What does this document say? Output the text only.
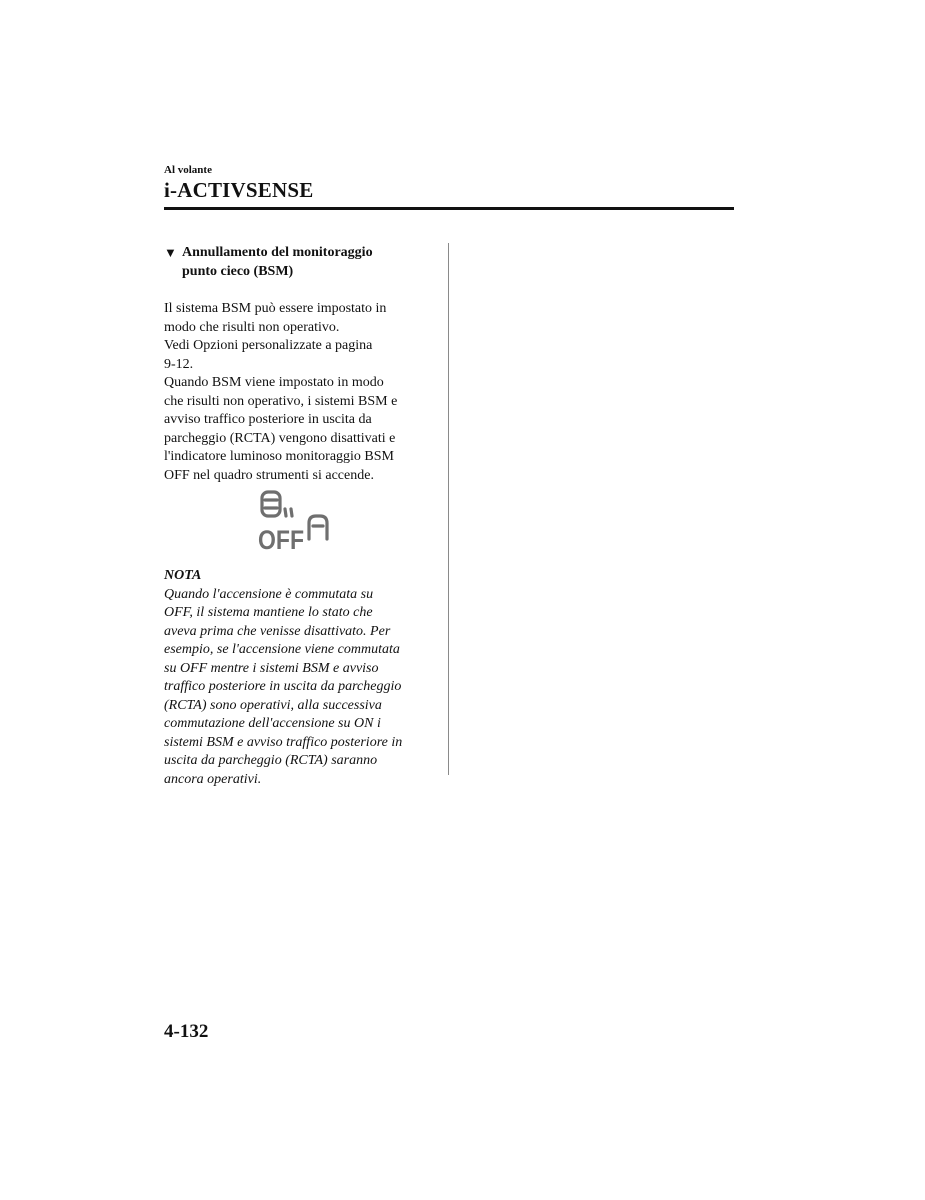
Al volante
i-ACTIVSENSE
▼ Annullamento del monitoraggio
punto cieco (BSM)
Il sistema BSM può essere impostato in
modo che risulti non operativo.
Vedi Opzioni personalizzate a pagina
9-12.
Quando BSM viene impostato in modo
che risulti non operativo, i sistemi BSM e
avviso traffico posteriore in uscita da
parcheggio (RCTA) vengono disattivati e
l'indicatore luminoso monitoraggio BSM
OFF nel quadro strumenti si accende.
OFF
NOTA
Quando l'accensione è commutata su
OFF, il sistema mantiene lo stato che
aveva prima che venisse disattivato. Per
esempio, se l'accensione viene commutata
su OFF mentre i sistemi BSM e avviso
traffico posteriore in uscita da parcheggio
(RCTA) sono operativi, alla successiva
commutazione dell'accensione su ON i
sistemi BSM e avviso traffico posteriore in
uscita da parcheggio (RCTA) saranno
ancora operativi.
4-132
